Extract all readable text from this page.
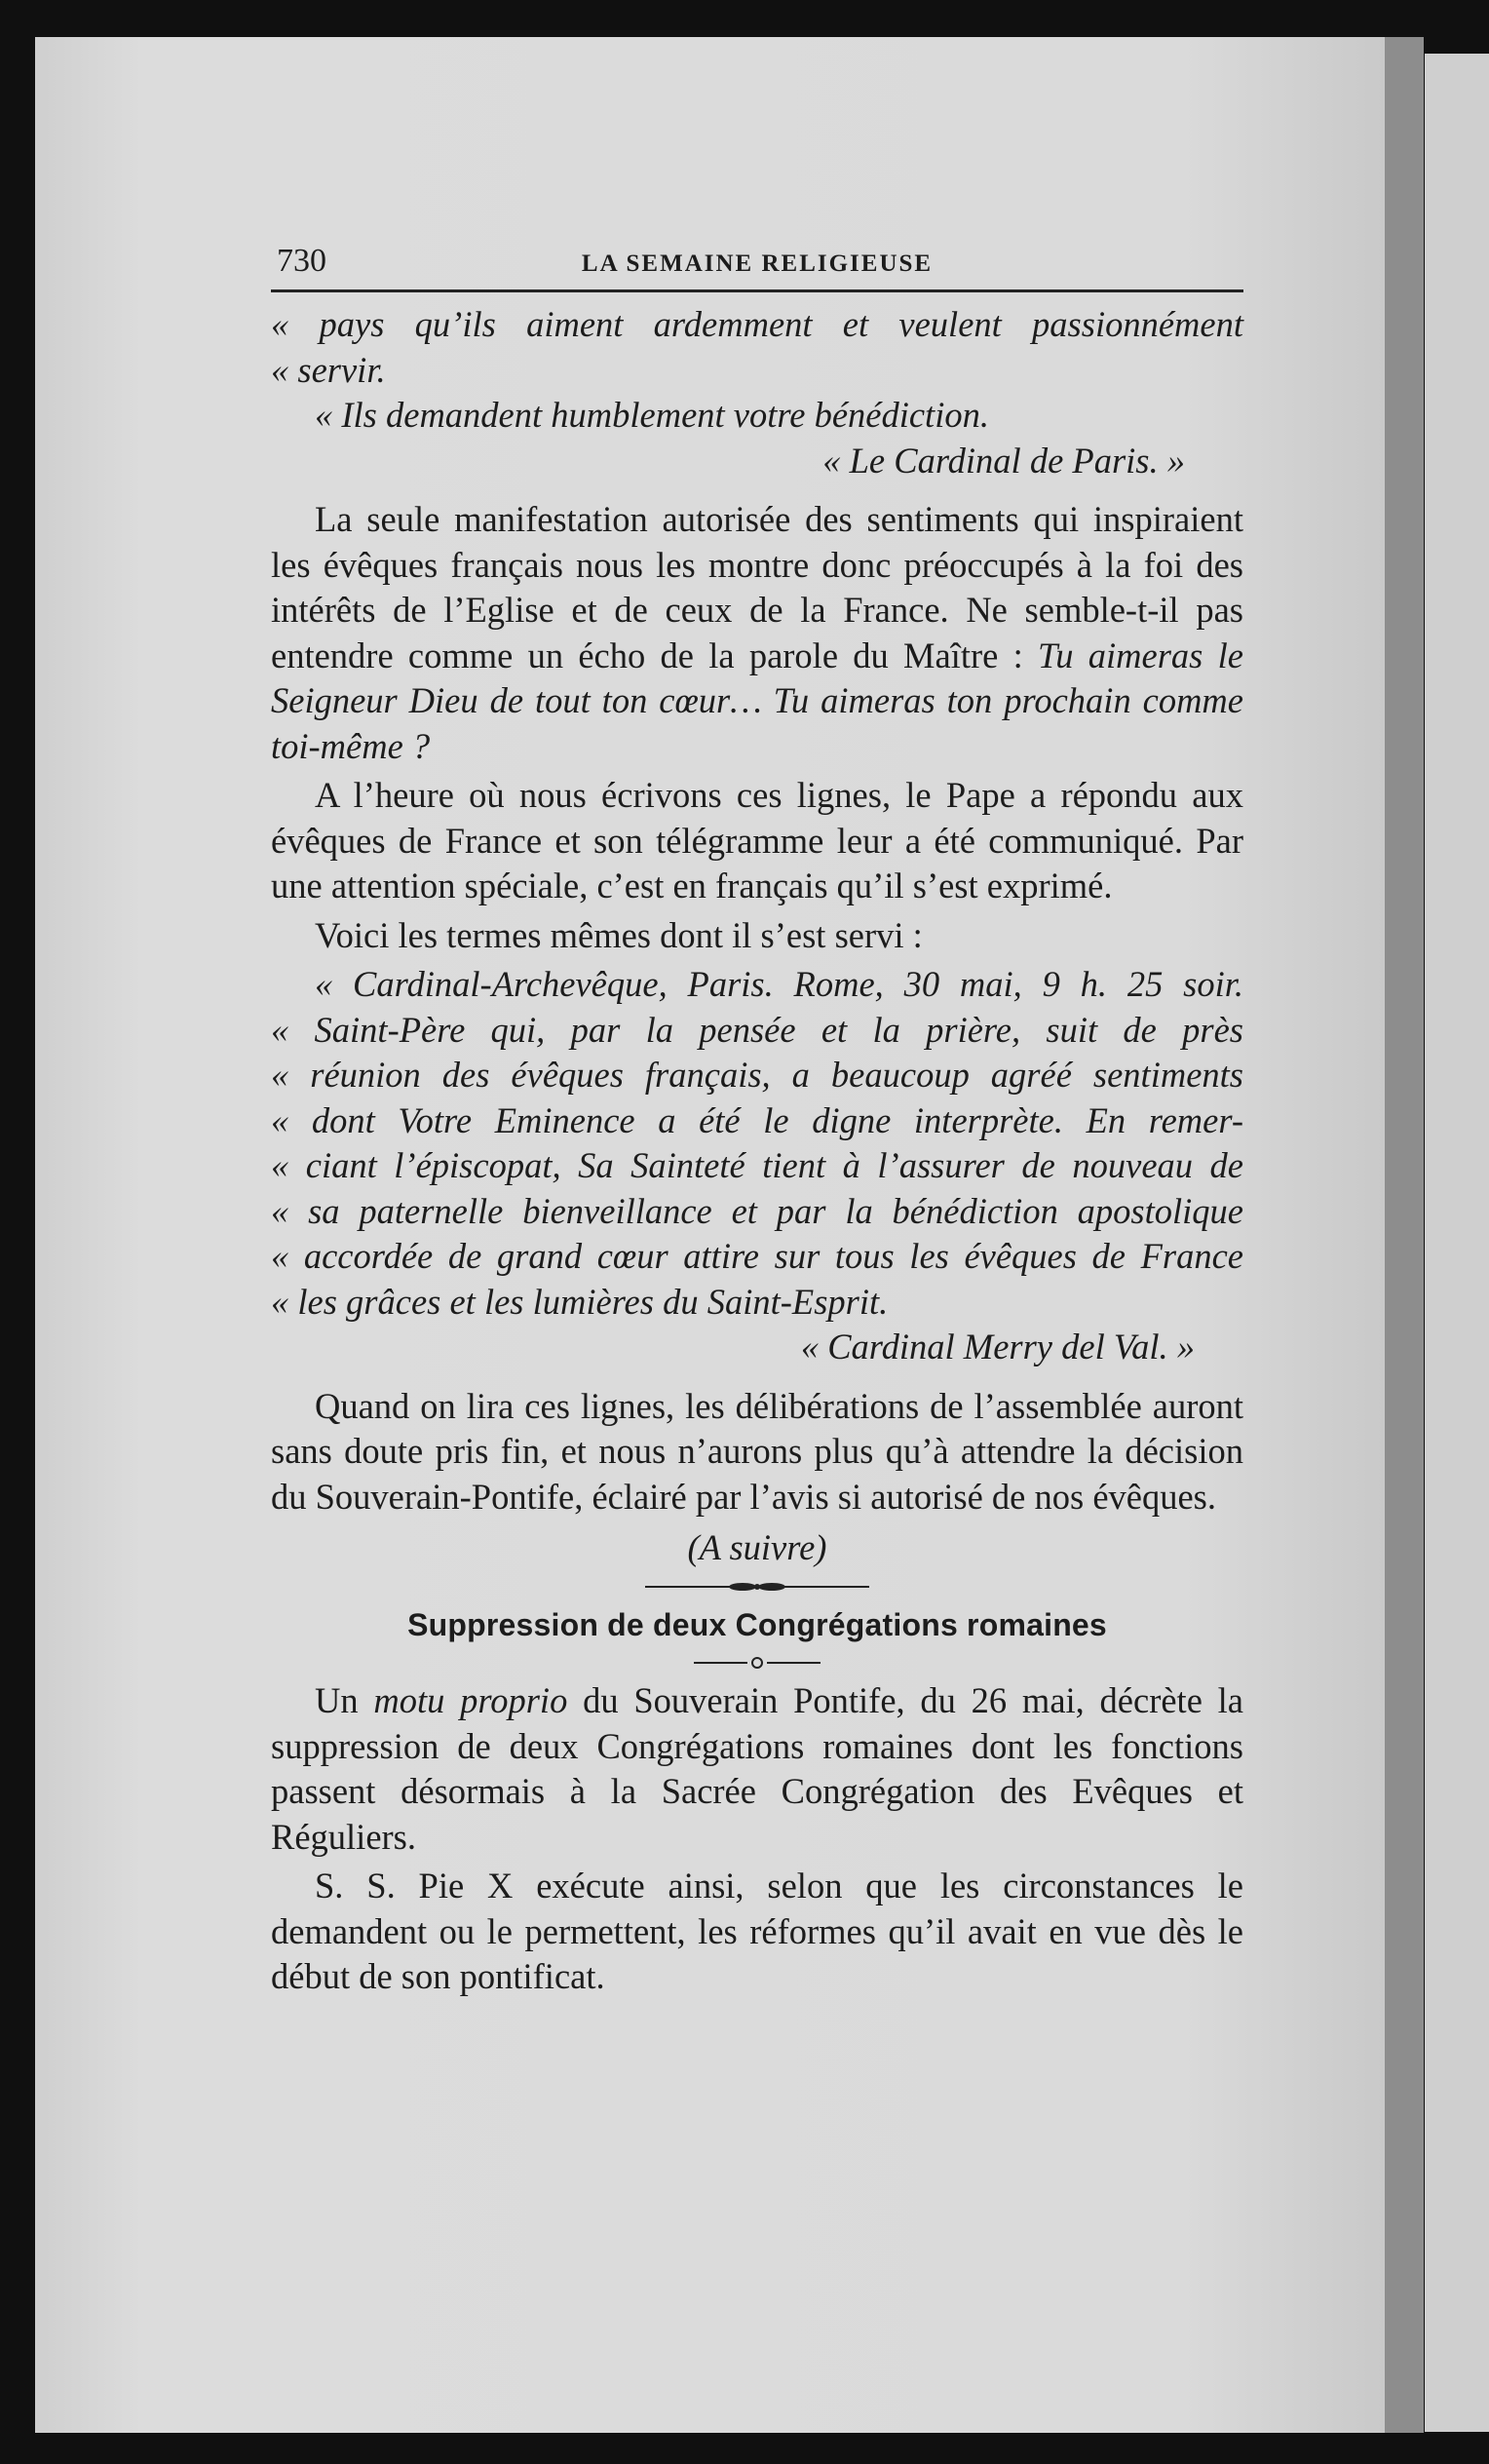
730	LA SEMAINE RELIGIEUSE
« pays qu’ils aiment ardemment et veulent passionnément
« servir.
« Ils demandent humblement votre bénédiction.
« Le Cardinal de Paris. »

La seule manifestation autorisée des sentiments qui inspiraient les évêques français nous les montre donc préoccupés à la foi des intérêts de l’Eglise et de ceux de la France. Ne semble-t-il pas entendre comme un écho de la parole du Maître : Tu aimeras le Seigneur Dieu de tout ton cœur… Tu aimeras ton prochain comme toi-même ?

A l’heure où nous écrivons ces lignes, le Pape a répondu aux évêques de France et son télégramme leur a été communiqué. Par une attention spéciale, c’est en français qu’il s’est exprimé.

Voici les termes mêmes dont il s’est servi :

« Cardinal-Archevêque, Paris. Rome, 30 mai, 9 h. 25 soir.
« Saint-Père qui, par la pensée et la prière, suit de près
« réunion des évêques français, a beaucoup agréé sentiments
« dont Votre Eminence a été le digne interprète. En remer-
« ciant l’épiscopat, Sa Sainteté tient à l’assurer de nouveau de
« sa paternelle bienveillance et par la bénédiction apostolique
« accordée de grand cœur attire sur tous les évêques de France
« les grâces et les lumières du Saint-Esprit.
« Cardinal Merry del Val. »

Quand on lira ces lignes, les délibérations de l’assemblée auront sans doute pris fin, et nous n’aurons plus qu’à attendre la décision du Souverain-Pontife, éclairé par l’avis si autorisé de nos évêques.

(A suivre)
Suppression de deux Congrégations romaines

Un motu proprio du Souverain Pontife, du 26 mai, décrète la suppression de deux Congrégations romaines dont les fonctions passent désormais à la Sacrée Congrégation des Evêques et Réguliers.

S. S. Pie X exécute ainsi, selon que les circonstances le demandent ou le permettent, les réformes qu’il avait en vue dès le début de son pontificat.
